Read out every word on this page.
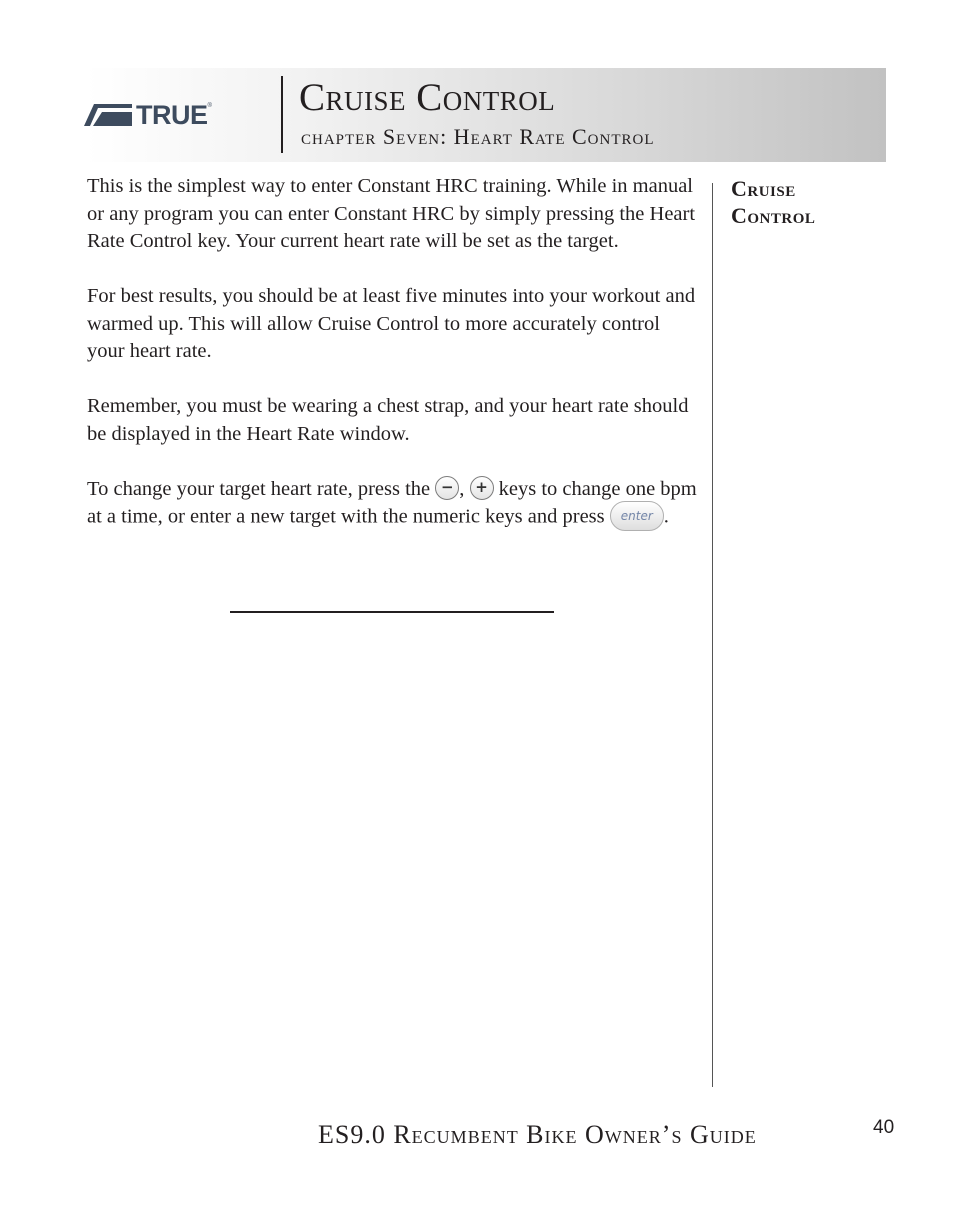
TRUE ® Cruise Control
chapter Seven: Heart Rate Control

This is the simplest way to enter Constant HRC training. While in manual or any program you can enter Constant HRC by simply pressing the Heart Rate Control key. Your current heart rate will be set as the target.

For best results, you should be at least five minutes into your workout and warmed up. This will allow Cruise Control to more accurately control your heart rate.

Remember, you must be wearing a chest strap, and your heart rate should be displayed in the Heart Rate window.

To change your target heart rate, press the − , + keys to change one bpm at a time, or enter a new target with the numeric keys and press enter .

Cruise Control
ES9.0 Recumbent Bike Owner’s Guide	40
